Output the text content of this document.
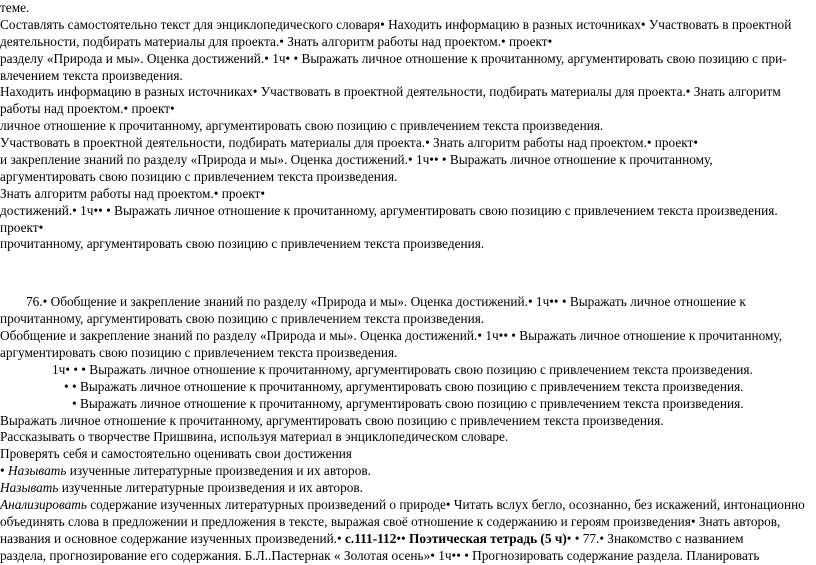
теме.
Составлять самостоятельно текст для энциклопедического словаря• Находить информацию в разных источниках• Участвовать в проектной
деятельности, подбирать материалы для проекта.• Знать алгоритм работы над проектом.• проект•
разделу «Природа и мы». Оценка достижений.• 1ч• • Выражать личное отношение к прочитанному, аргументировать свою позицию с при-
влечением текста произведения.
Находить информацию в разных источниках• Участвовать в проектной деятельности, подбирать материалы для проекта.• Знать алгоритм
работы над проектом.• проект•
личное отношение к прочитанному, аргументировать свою позицию с привлечением текста произведения.
Участвовать в проектной деятельности, подбирать материалы для проекта.• Знать алгоритм работы над проектом.• проект•
и закрепление знаний по разделу «Природа и мы». Оценка достижений.• 1ч•• • Выражать личное отношение к прочитанному,
аргументировать свою позицию с привлечением текста произведения.
Знать алгоритм работы над проектом.• проект•
достижений.• 1ч•• • Выражать личное отношение к прочитанному, аргументировать свою позицию с привлечением текста произведения.
проект•
прочитанному, аргументировать свою позицию с привлечением текста произведения.
76.• Обобщение и закрепление знаний по разделу «Природа и мы». Оценка достижений.• 1ч•• • Выражать личное отношение к
прочитанному, аргументировать свою позицию с привлечением текста произведения.
Обобщение и закрепление знаний по разделу «Природа и мы». Оценка достижений.• 1ч•• • Выражать личное отношение к прочитанному,
аргументировать свою позицию с привлечением текста произведения.
1ч• • • Выражать личное отношение к прочитанному, аргументировать свою позицию с привлечением текста произведения.
• • Выражать личное отношение к прочитанному, аргументировать свою позицию с привлечением текста произведения.
• Выражать личное отношение к прочитанному, аргументировать свою позицию с привлечением текста произведения.
Выражать личное отношение к прочитанному, аргументировать свою позицию с привлечением текста произведения.
Рассказывать о творчестве Пришвина, используя материал в энциклопедическом словаре.
Проверять себя и самостоятельно оценивать свои достижения
• Называть изученные литературные произведения и их авторов.
Называть изученные литературные произведения и их авторов.
Анализировать содержание изученных литературных произведений о природе• Читать вслух бегло, осознанно, без искажений, интонационно
объединять слова в предложении и предложения в тексте, выражая своё отношение к содержанию и героям произведения• Знать авторов,
названия и основное содержание изученных произведений.• с.111-112•• Поэтическая тетрадь (5 ч)• • 77.• Знакомство с названием
раздела, прогнозирование его содержания. Б.Л..Пастернак « Золотая осень»• 1ч•• • Прогнозировать содержание раздела. Планировать
